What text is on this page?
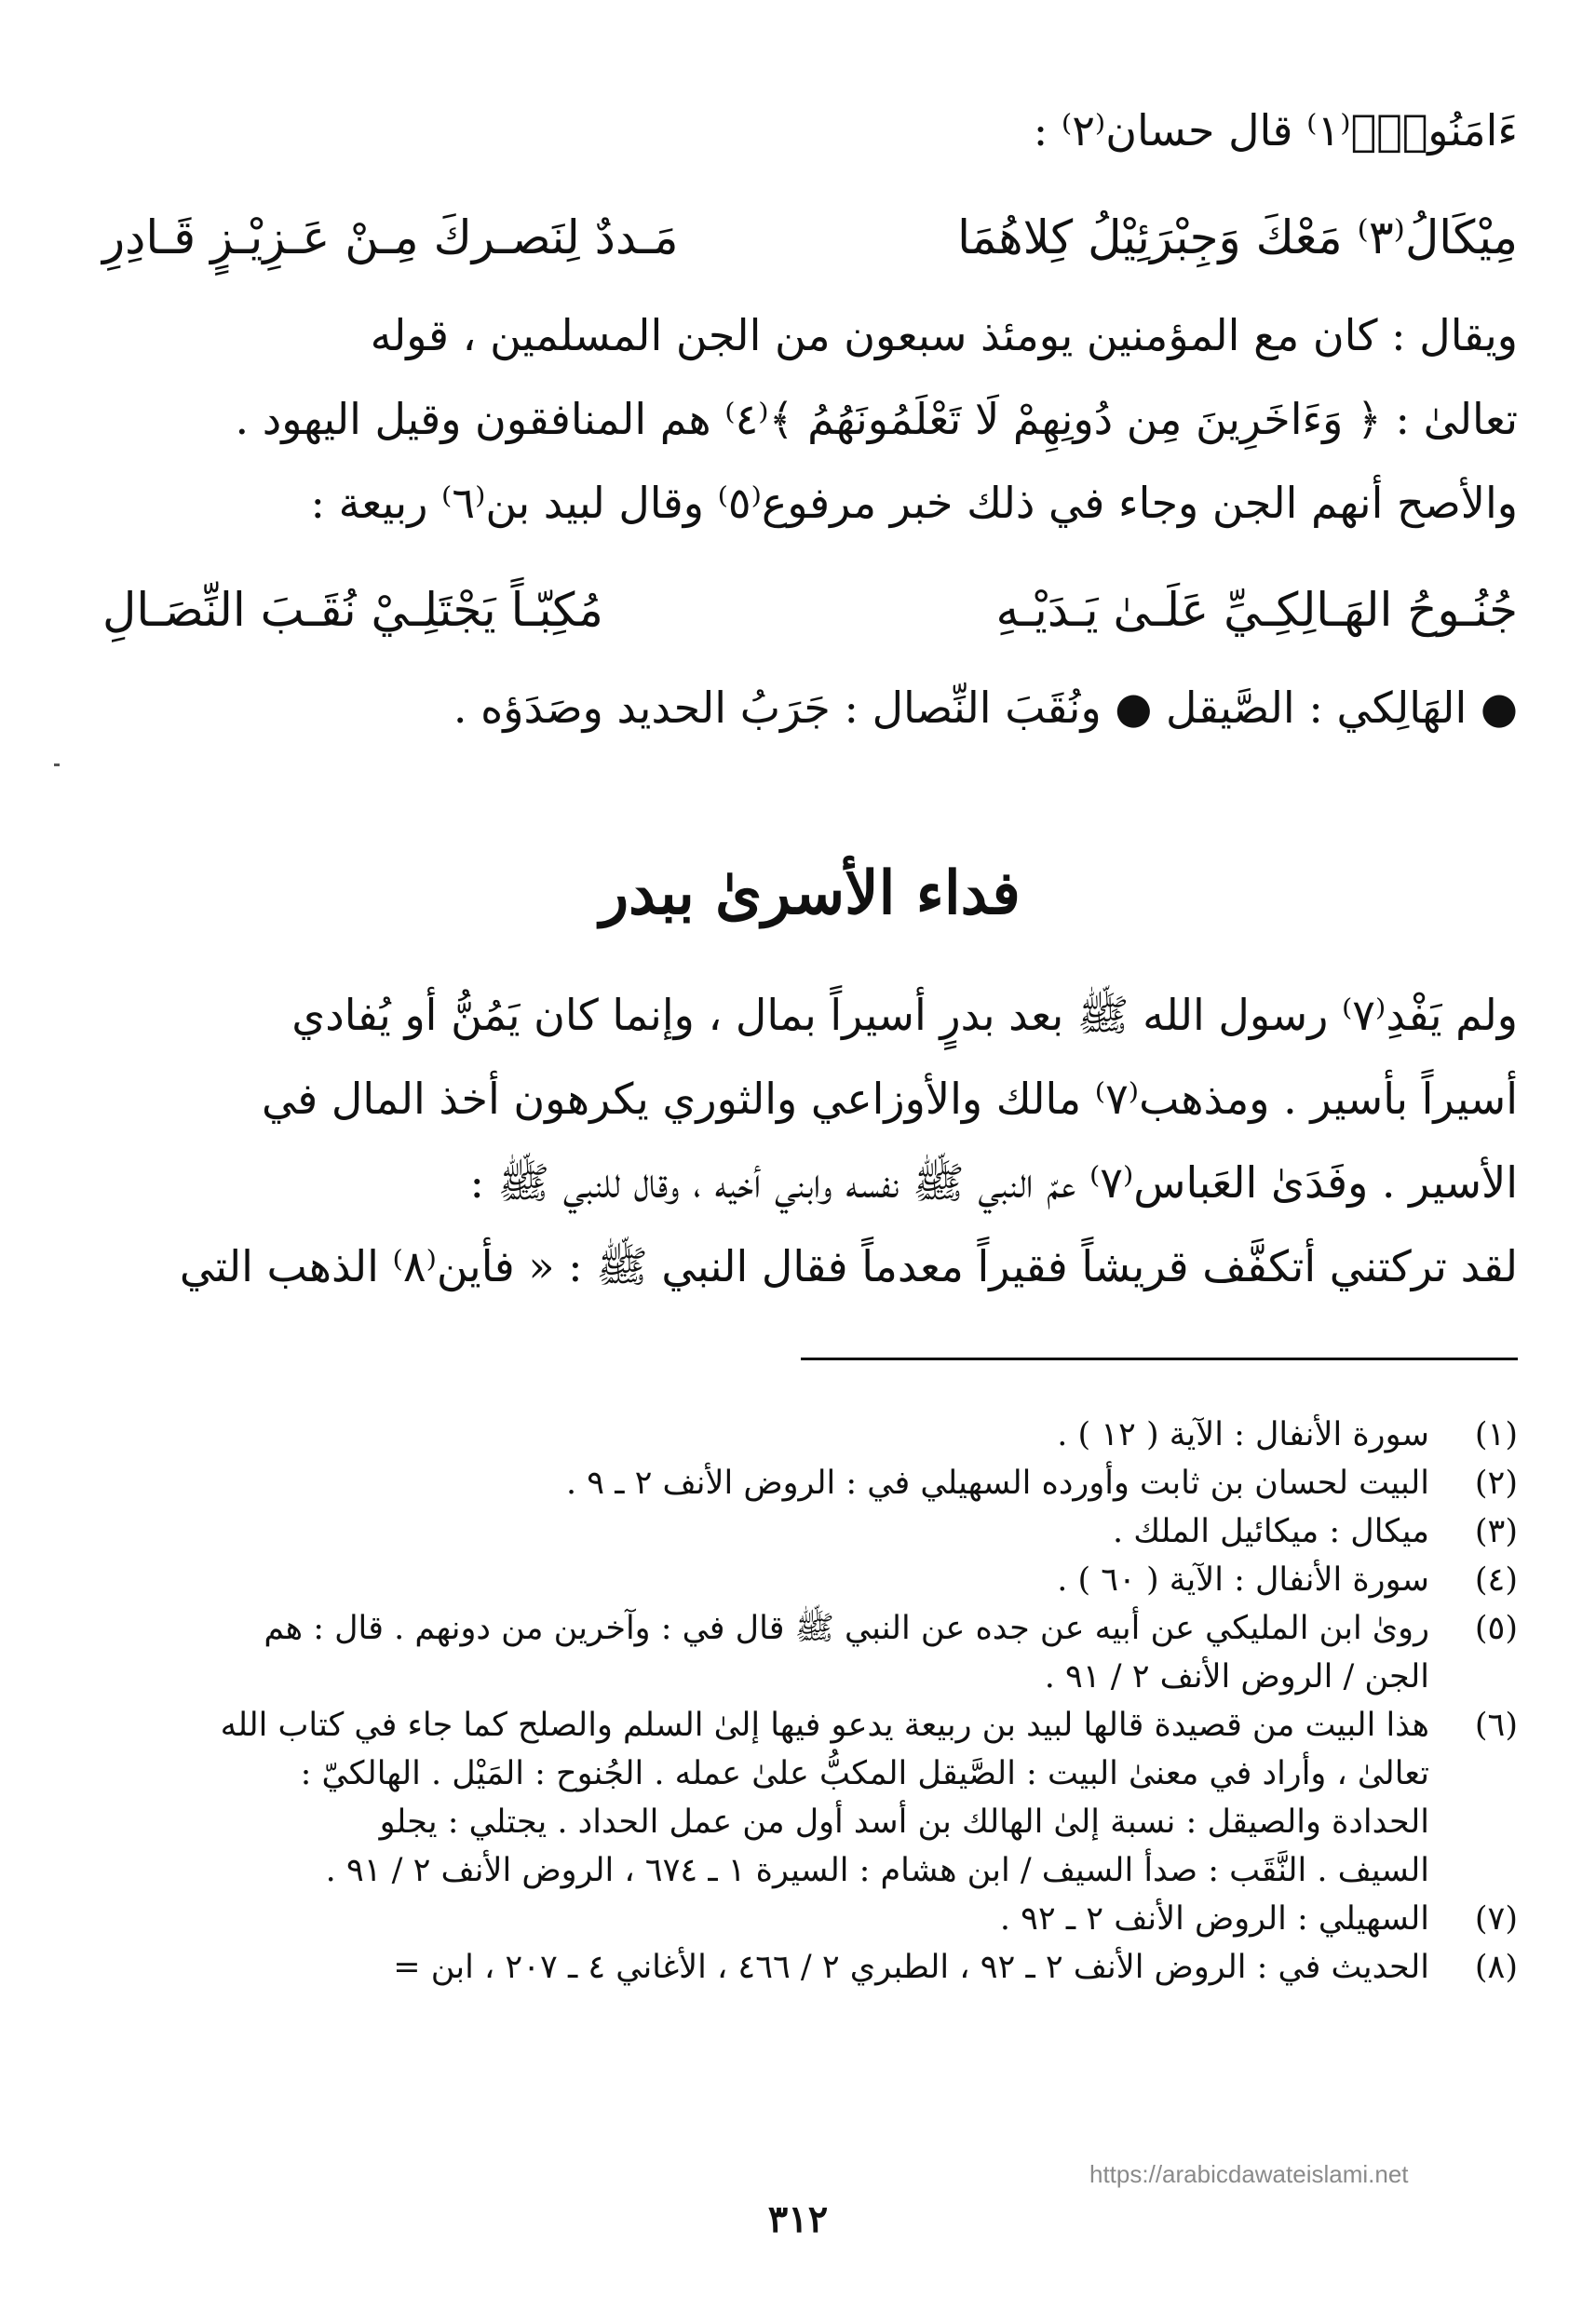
ءَامَنُوا۟﴾⁽١⁾ قال حسان⁽٢⁾ :
مِيْكَالُ⁽٣⁾ مَعْكَ وَجِبْرَئِيْلُ كِلاهُمَا
مَـددٌ لِنَصـركَ مِـنْ عَـزِيْـزٍ قَـادِرِ
ويقال : كان مع المؤمنين يومئذ سبعون من الجن المسلمين ، قوله
تعالىٰ : ﴿ وَءَاخَرِينَ مِن دُونِهِمْ لَا تَعْلَمُونَهُمُ ﴾⁽٤⁾ هم المنافقون وقيل اليهود .
والأصح أنهم الجن وجاء في ذلك خبر مرفوع⁽٥⁾ وقال لبيد بن⁽٦⁾ ربيعة :
جُنُـوحُ الهَـالِكِـيِّ عَلَـىٰ يَـدَيْـهِ
مُكِبّـاً يَجْتَلِـيْ نُقَـبَ النِّصَـالِ
● الهَالِكي : الصَّيقل ● ونُقَبَ النِّصال : جَرَبُ الحديد وصَدَؤه .
فداء الأسرىٰ ببدر
ولم يَفْدِ⁽٧⁾ رسول الله ﷺ بعد بدرٍ أسيراً بمال ، وإنما كان يَمُنُّ أو يُفادي
أسيراً بأسير . ومذهب⁽٧⁾ مالك والأوزاعي والثوري يكرهون أخذ المال في
الأسير . وفَدَىٰ العَباس⁽٧⁾ عمّ النبي ﷺ نفسه وابني أخيه ، وقال للنبي ﷺ :
لقد تركتني أتكفَّف قريشاً فقيراً معدماً فقال النبي ﷺ : « فأين⁽٨⁾ الذهب التي
(١)
سورة الأنفال : الآية ( ١٢ ) .
(٢)
البيت لحسان بن ثابت وأورده السهيلي في : الروض الأنف ٢ ـ ٩ .
(٣)
ميكال : ميكائيل الملك .
(٤)
سورة الأنفال : الآية ( ٦٠ ) .
(٥)
روىٰ ابن المليكي عن أبيه عن جده عن النبي ﷺ قال في : وآخرين من دونهم . قال : هم
الجن / الروض الأنف ٢ / ٩١ .
(٦)
هذا البيت من قصيدة قالها لبيد بن ربيعة يدعو فيها إلىٰ السلم والصلح كما جاء في كتاب الله
تعالىٰ ، وأراد في معنىٰ البيت : الصَّيقل المكبُّ علىٰ عمله . الجُنوح : المَيْل . الهالكيّ :
الحدادة والصيقل : نسبة إلىٰ الهالك بن أسد أول من عمل الحداد . يجتلي : يجلو
السيف . النَّقَب : صدأ السيف / ابن هشام : السيرة ١ ـ ٦٧٤ ، الروض الأنف ٢ / ٩١ .
(٧)
السهيلي : الروض الأنف ٢ ـ ٩٢ .
(٨)
الحديث في : الروض الأنف ٢ ـ ٩٢ ، الطبري ٢ / ٤٦٦ ، الأغاني ٤ ـ ٢٠٧ ، ابن =
https://arabicdawateislami.net
٣١٢
